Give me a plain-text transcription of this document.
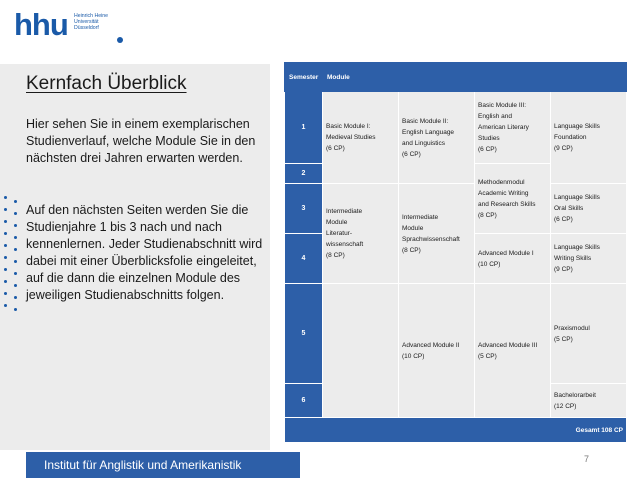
hhu Heinrich Heine
Universität
Düsseldorf
Kernfach Überblick
Hier sehen Sie in einem exemplarischen Studienverlauf, welche Module Sie in den nächsten drei Jahren erwarten werden.
Auf den nächsten Seiten werden Sie die Studienjahre 1 bis 3 nach und nach kennenlernen. Jeder Studienabschnitt wird dabei mit einer Überblicksfolie eingeleitet, auf die dann die einzelnen Module des jeweiligen Studienabschnitts folgen.
Semester	Module			
1	Basic Module I:
Medieval Studies
(6 CP)	Basic Module II:
English Language
and Linguistics
(6 CP)	Basic Module III:
English and
American Literary
Studies
(6 CP)	Language Skills
Foundation
(9 CP)

2			Methodenmodul
Academic Writing
and Research Skills
(8 CP)	

3	Intermediate
Module
Literatur-
wissenschaft
(8 CP)	Intermediate
Module
Sprachwissenschaft
(8 CP)		Language Skills
Oral Skills
(6 CP)

4			Advanced Module I
(10 CP)	Language Skills
Writing Skills
(9 CP)

5		Advanced Module II
(10 CP)	Advanced Module III
(5 CP)	Praxismodul
(5 CP)

6				Bachelorarbeit
(12 CP)

Gesamt 108 CP				
Institut für Anglistik und Amerikanistik	7
